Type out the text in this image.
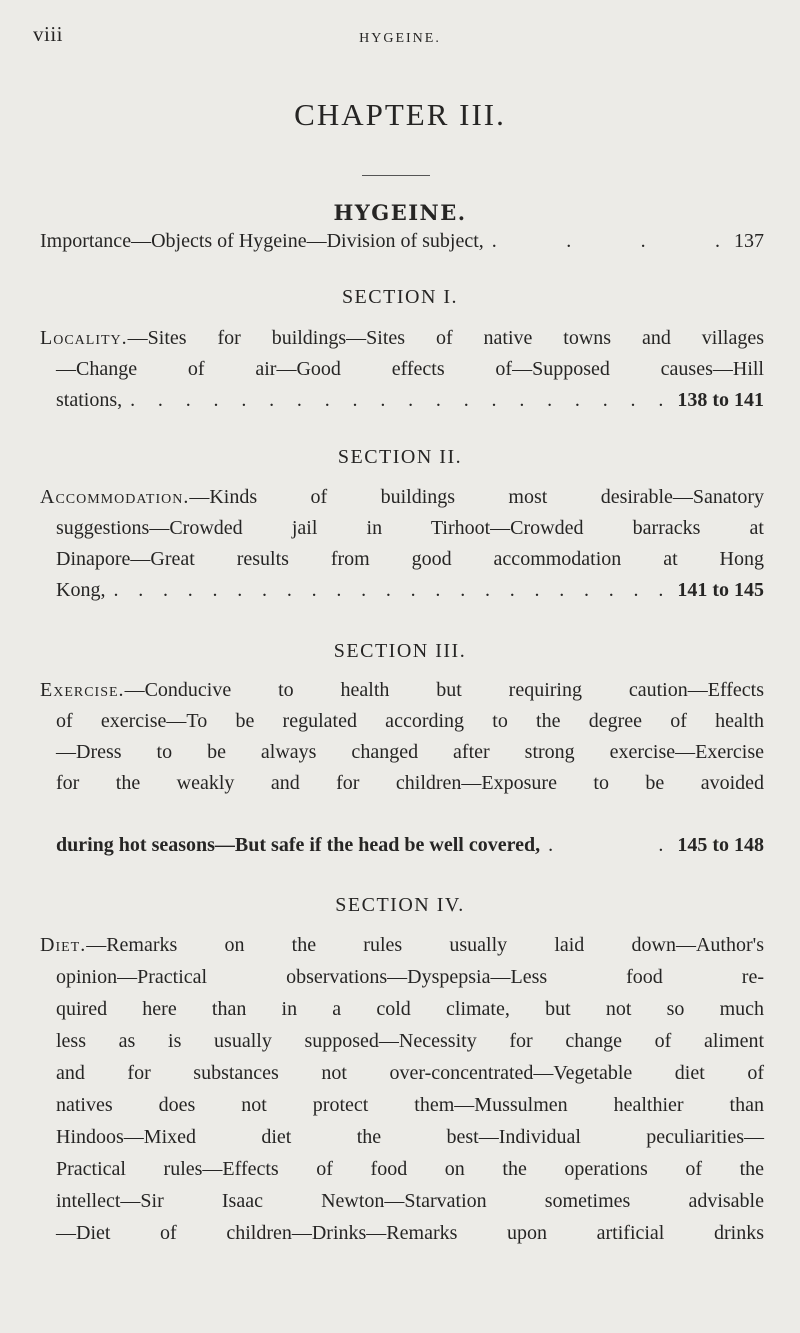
viii	HYGEINE.
CHAPTER III.
HYGEINE.
Importance—Objects of Hygeine—Division of subject, . . . . 137
SECTION I.
Locality.—Sites for buildings—Sites of native towns and villages
—Change of air—Good effects of—Supposed causes—Hill
stations, . . . . . . . . . . . . . . . . . . . . 138 to 141
SECTION II.
Accommodation.—Kinds of buildings most desirable—Sanatory
suggestions—Crowded jail in Tirhoot—Crowded barracks at
Dinapore—Great results from good accommodation at Hong
Kong, . . . . . . . . . . . . . . . . . . . . . . . 141 to 145
SECTION III.
Exercise.—Conducive to health but requiring caution—Effects
of exercise—To be regulated according to the degree of health
—Dress to be always changed after strong exercise—Exercise
for the weakly and for children—Exposure to be avoided
during hot seasons—But safe if the head be well covered, . . 145 to 148
SECTION IV.
Diet.—Remarks on the rules usually laid down—Author's
opinion—Practical observations—Dyspepsia—Less food re-
quired here than in a cold climate, but not so much
less as is usually supposed—Necessity for change of aliment
and for substances not over-concentrated—Vegetable diet of
natives does not protect them—Mussulmen healthier than
Hindoos—Mixed diet the best—Individual peculiarities—
Practical rules—Effects of food on the operations of the
intellect—Sir Isaac Newton—Starvation sometimes advisable
—Diet of children—Drinks—Remarks upon artificial drinks
